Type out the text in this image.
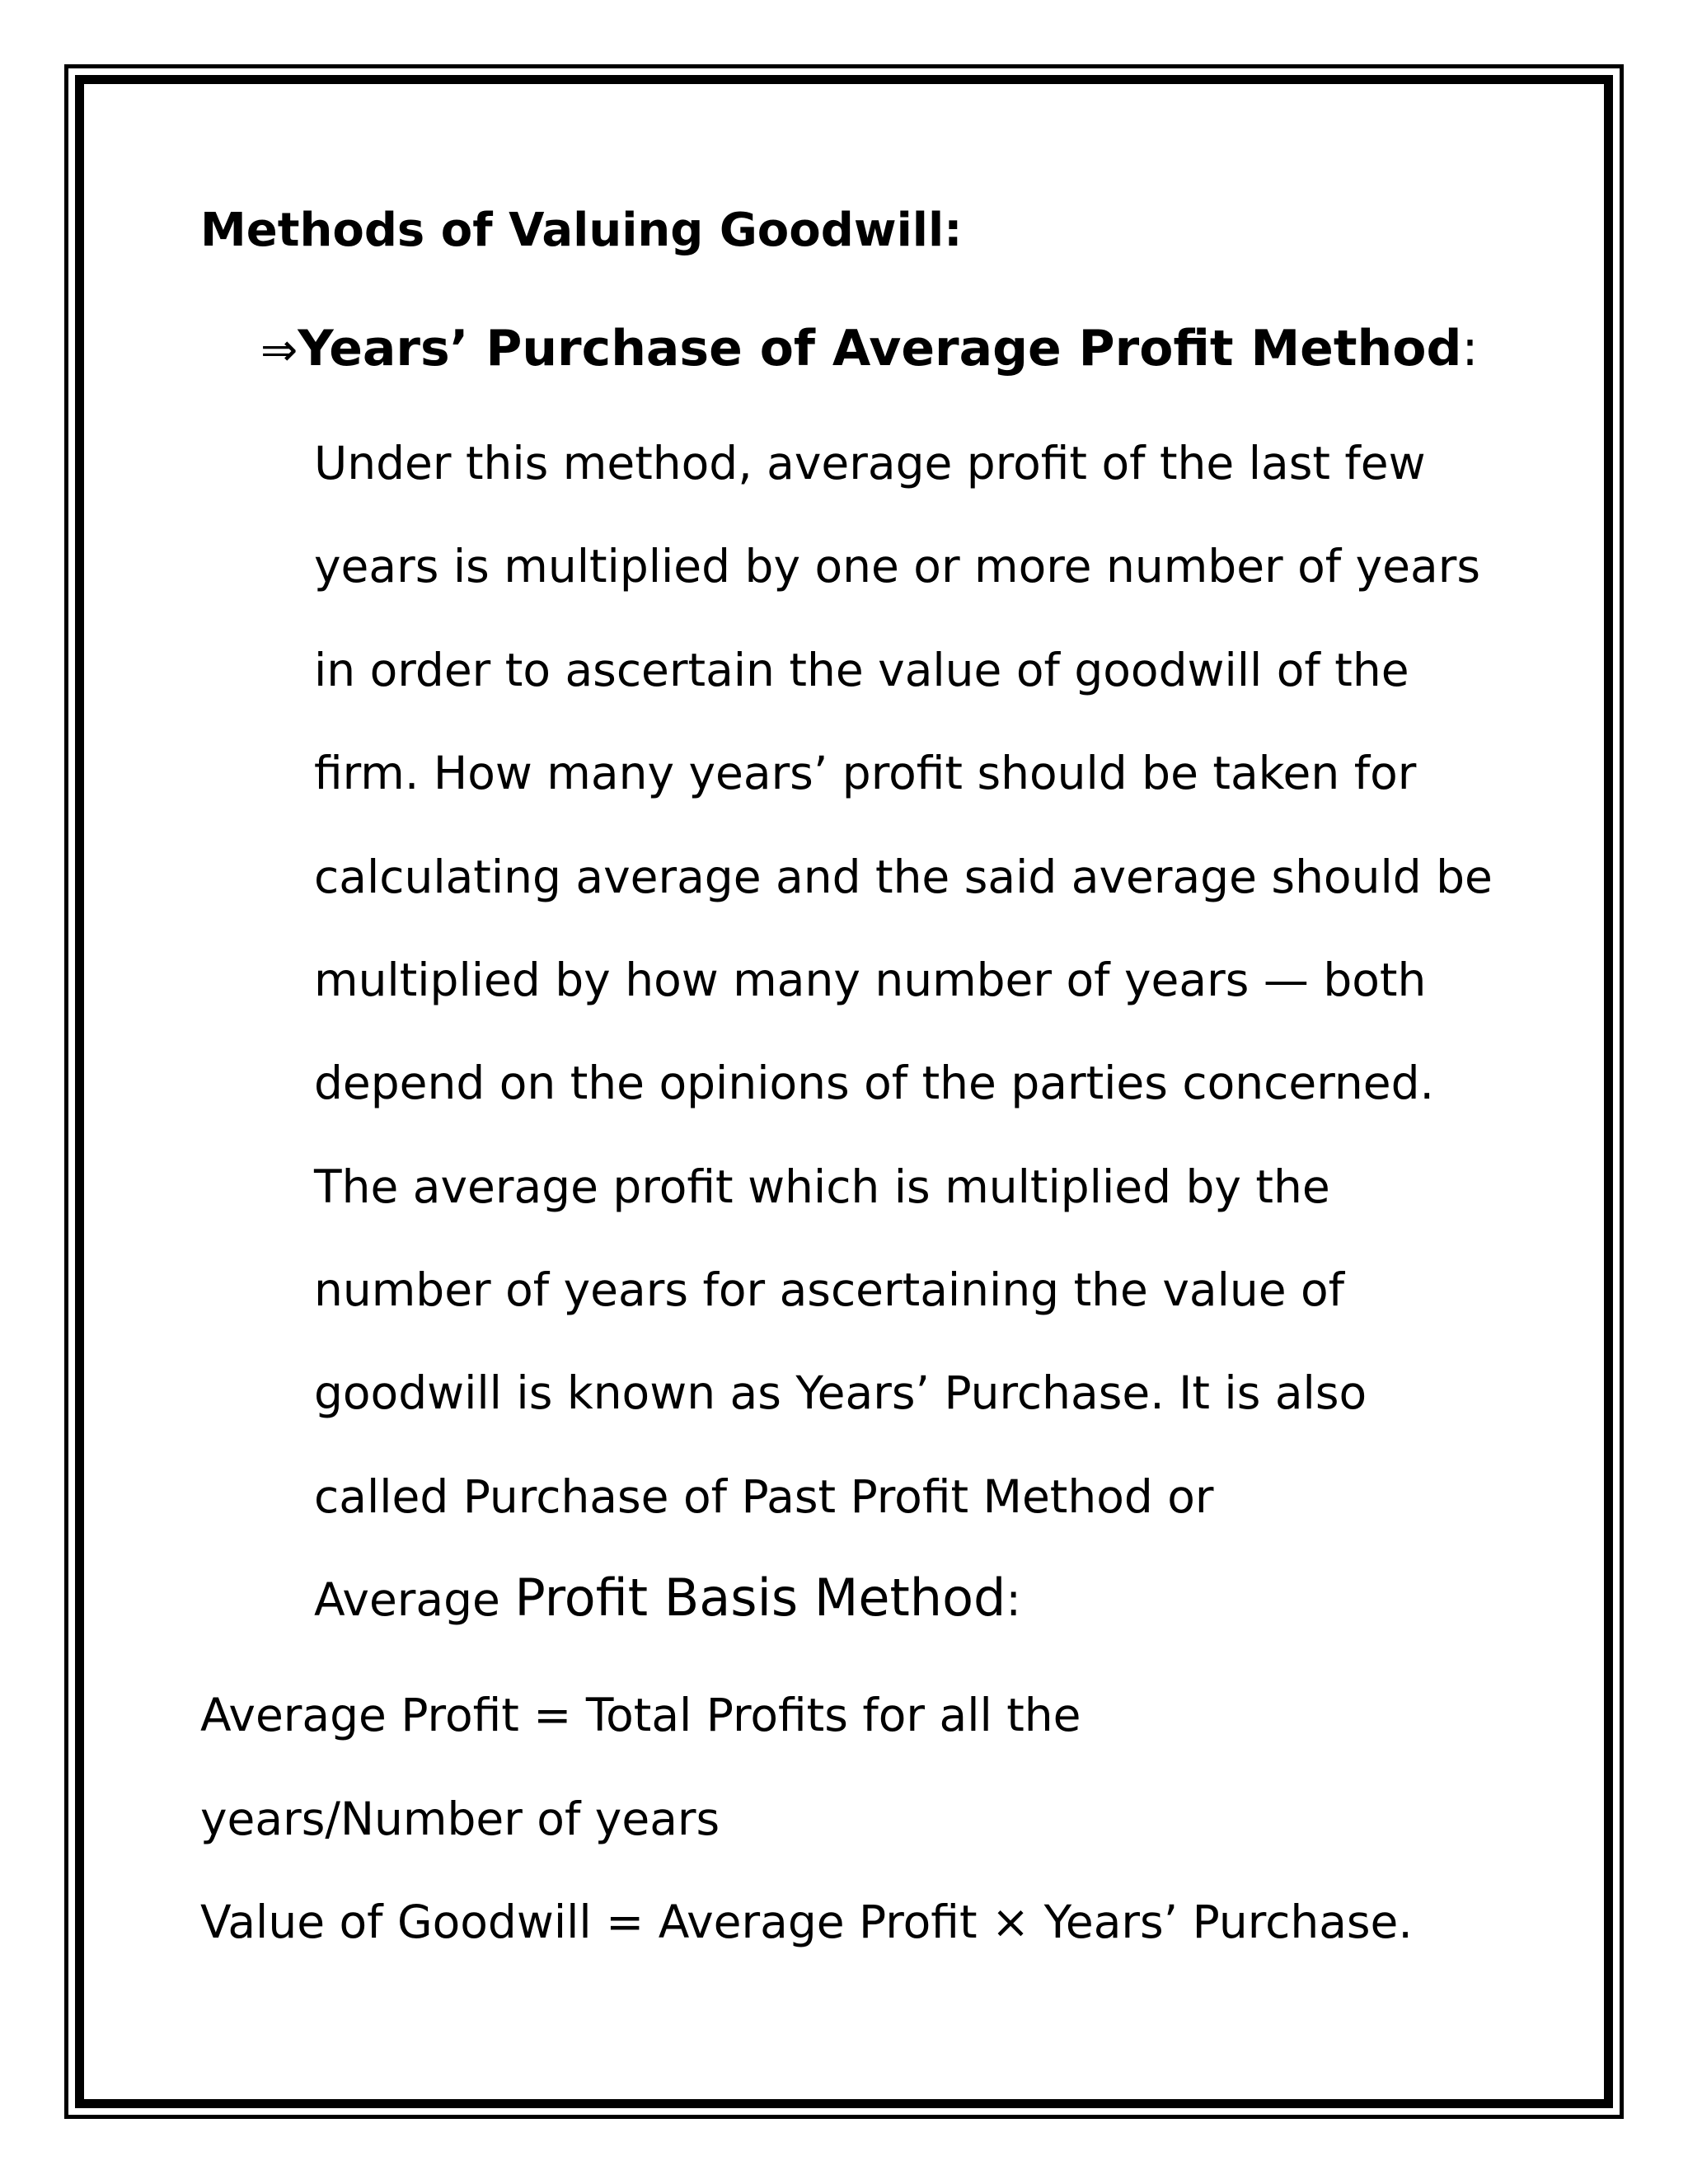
Methods of Valuing Goodwill:
⇒Years’ Purchase of Average Profit Method:
Under this method, average profit of the last few
years is multiplied by one or more number of years
in order to ascertain the value of goodwill of the
firm. How many years’ profit should be taken for
calculating average and the said average should be
multiplied by how many number of years — both
depend on the opinions of the parties concerned.
The average profit which is multiplied by the
number of years for ascertaining the value of
goodwill is known as Years’ Purchase. It is also
called Purchase of Past Profit Method or
Average Profit Basis Method:
Average Profit = Total Profits for all the
years/Number of years
Value of Goodwill = Average Profit × Years’ Purchase.
